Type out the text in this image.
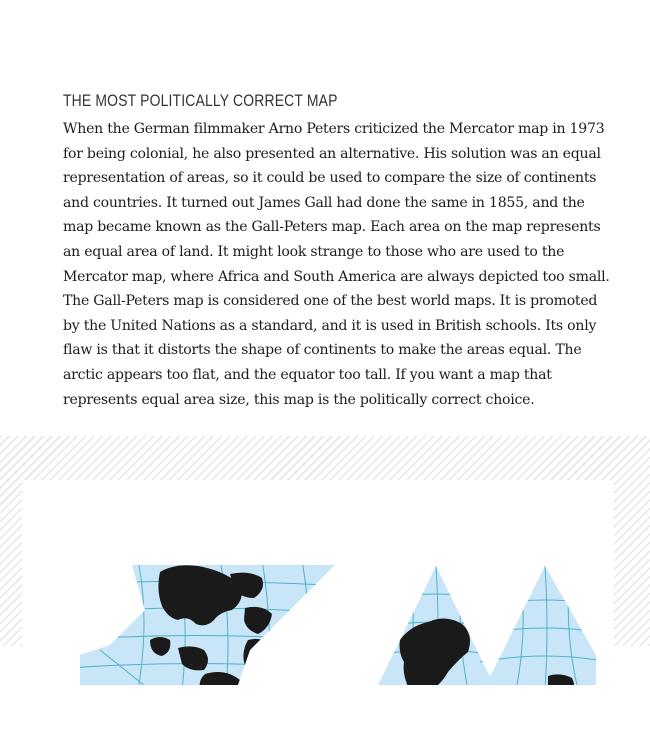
THE MOST POLITICALLY CORRECT MAP

When the German filmmaker Arno Peters criticized the Mercator map in 1973
for being colonial, he also presented an alternative. His solution was an equal
representation of areas, so it could be used to compare the size of continents
and countries. It turned out James Gall had done the same in 1855, and the
map became known as the Gall-Peters map. Each area on the map represents
an equal area of land. It might look strange to those who are used to the
Mercator map, where Africa and South America are always depicted too small.
The Gall-Peters map is considered one of the best world maps. It is promoted
by the United Nations as a standard, and it is used in British schools. Its only
flaw is that it distorts the shape of continents to make the areas equal. The
arctic appears too flat, and the equator too tall. If you want a map that
represents equal area size, this map is the politically correct choice.
